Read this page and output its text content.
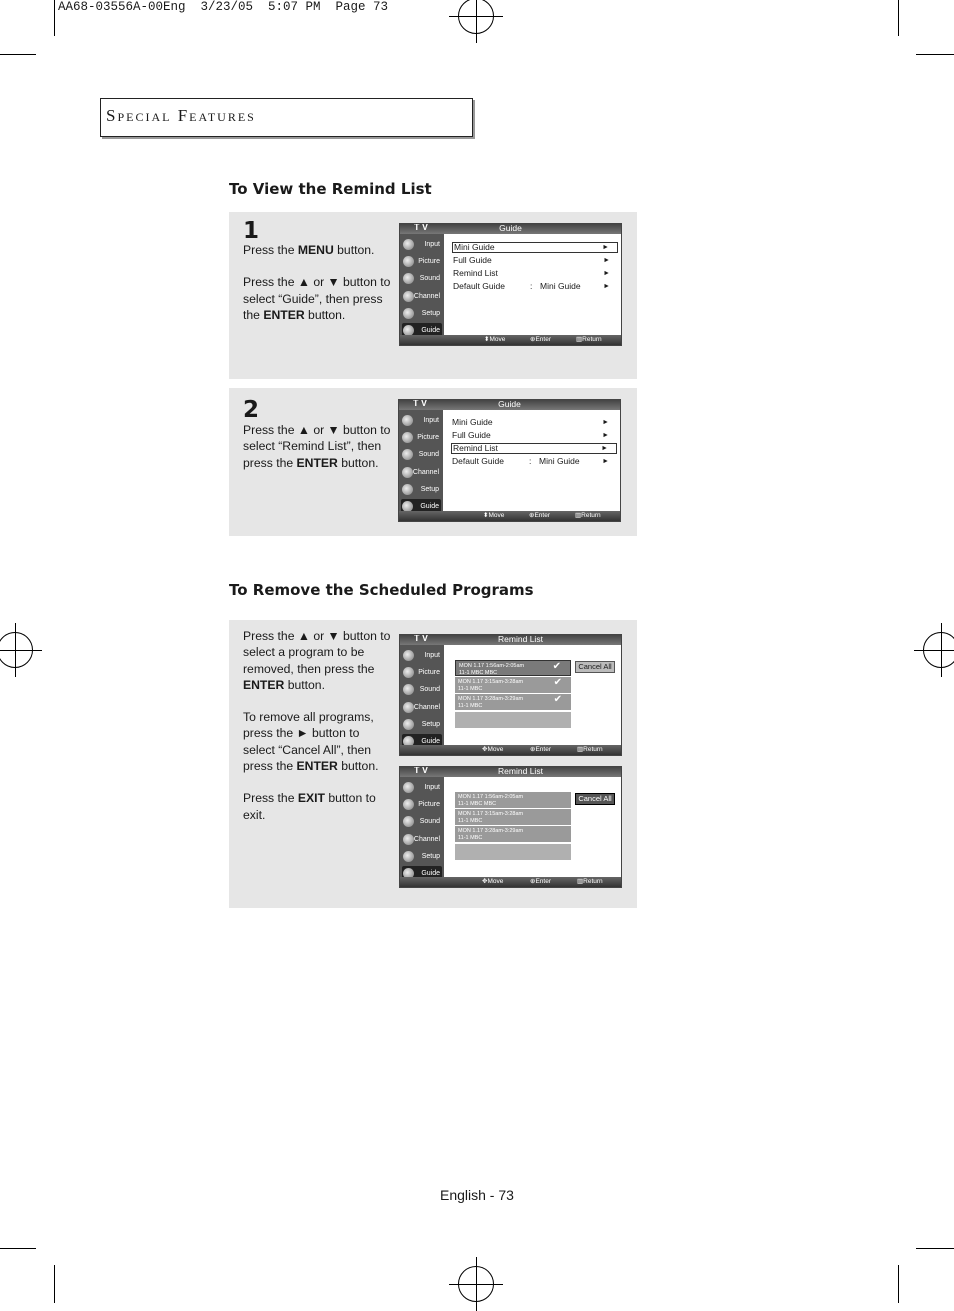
AA68-03556A-00Eng  3/23/05  5:07 PM  Page 73
Special Features
To View the Remind List
1
Press the MENU button.
Press the ▲ or ▼ button to select “Guide”, then press the ENTER button.
2
Press the ▲ or ▼ button to select “Remind List”, then press the ENTER button.
To Remove the Scheduled Programs
Press the ▲ or ▼ button to select a program to be removed, then press the ENTER button.
To remove all programs, press the ► button to select “Cancel All”, then press the ENTER button.
Press the EXIT button to exit.
T V	Guide
Input
Picture
Sound
Channel
Setup
Guide
Mini Guide	►
Full Guide	►
Remind List	►
Default Guide	: Mini Guide	►
⬍ Move	⊕ Enter	▥ Return
T V	Guide
Input
Picture
Sound
Channel
Setup
Guide
Mini Guide	►
Full Guide	►
Remind List	►
Default Guide	: Mini Guide	►
⬍ Move	⊕ Enter	▥ Return
T V	Remind List
Input
Picture
Sound
Channel
Setup
Guide
MON 1.17 1:56am-2:05am
11-1 MBC MBC
✔
MON 1.17 3:15am-3:28am
11-1 MBC
✔
MON 1.17 3:28am-3:29am
11-1 MBC
✔
Cancel All
✥ Move	⊕ Enter	▥ Return
T V	Remind List
Input
Picture
Sound
Channel
Setup
Guide
MON 1.17 1:56am-2:05am
11-1 MBC MBC
MON 1.17 3:15am-3:28am
11-1 MBC
MON 1.17 3:28am-3:29am
11-1 MBC
Cancel All
✥ Move	⊕ Enter	▥ Return
English - 73
